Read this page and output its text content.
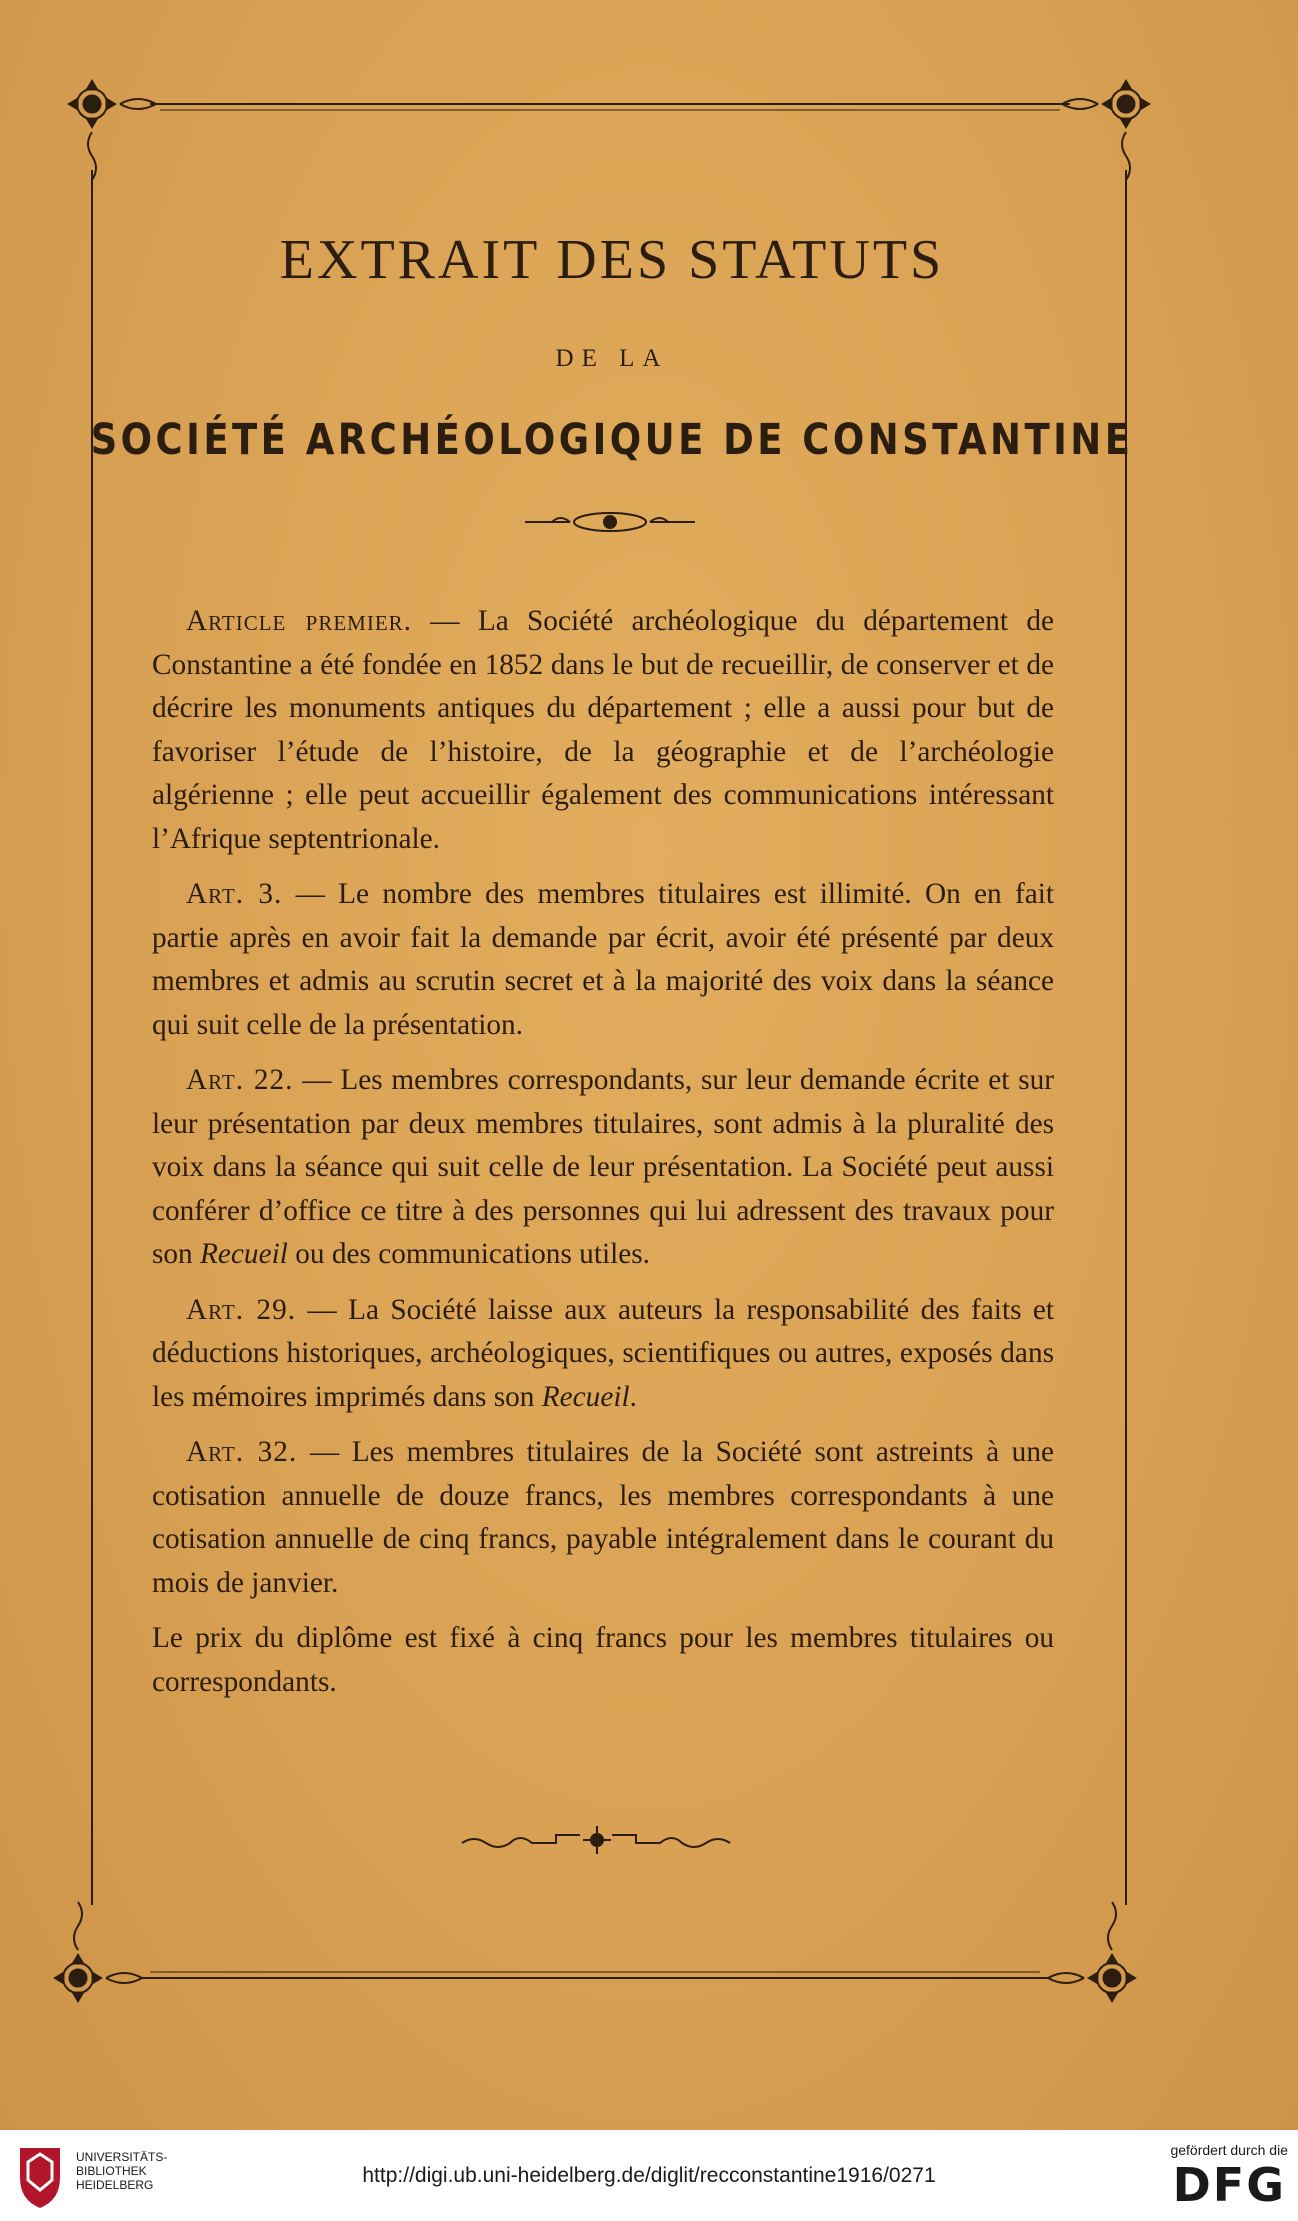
EXTRAIT DES STATUTS
DE LA
SOCIÉTÉ ARCHÉOLOGIQUE DE CONSTANTINE

Article premier. — La Société archéologique du département de Constantine a été fondée en 1852 dans le but de recueillir, de conserver et de décrire les monuments antiques du département ; elle a aussi pour but de favoriser l’étude de l’histoire, de la géographie et de l’archéologie algérienne ; elle peut accueillir également des communications intéressant l’Afrique septentrionale.

Art. 3. — Le nombre des membres titulaires est illimité. On en fait partie après en avoir fait la demande par écrit, avoir été présenté par deux membres et admis au scrutin secret et à la majorité des voix dans la séance qui suit celle de la présentation.

Art. 22. — Les membres correspondants, sur leur demande écrite et sur leur présentation par deux membres titulaires, sont admis à la pluralité des voix dans la séance qui suit celle de leur présentation. La Société peut aussi conférer d’office ce titre à des personnes qui lui adressent des travaux pour son Recueil ou des communications utiles.

Art. 29. — La Société laisse aux auteurs la responsabilité des faits et déductions historiques, archéologiques, scientifiques ou autres, exposés dans les mémoires imprimés dans son Recueil.

Art. 32. — Les membres titulaires de la Société sont astreints à une cotisation annuelle de douze francs, les membres correspondants à une cotisation annuelle de cinq francs, payable intégralement dans le courant du mois de janvier.

Le prix du diplôme est fixé à cinq francs pour les membres titulaires ou correspondants.

UNIVERSITÄTS-
BIBLIOTHEK
HEIDELBERG	http://digi.ub.uni-heidelberg.de/diglit/recconstantine1916/0271
gefördert durch die
DFG
